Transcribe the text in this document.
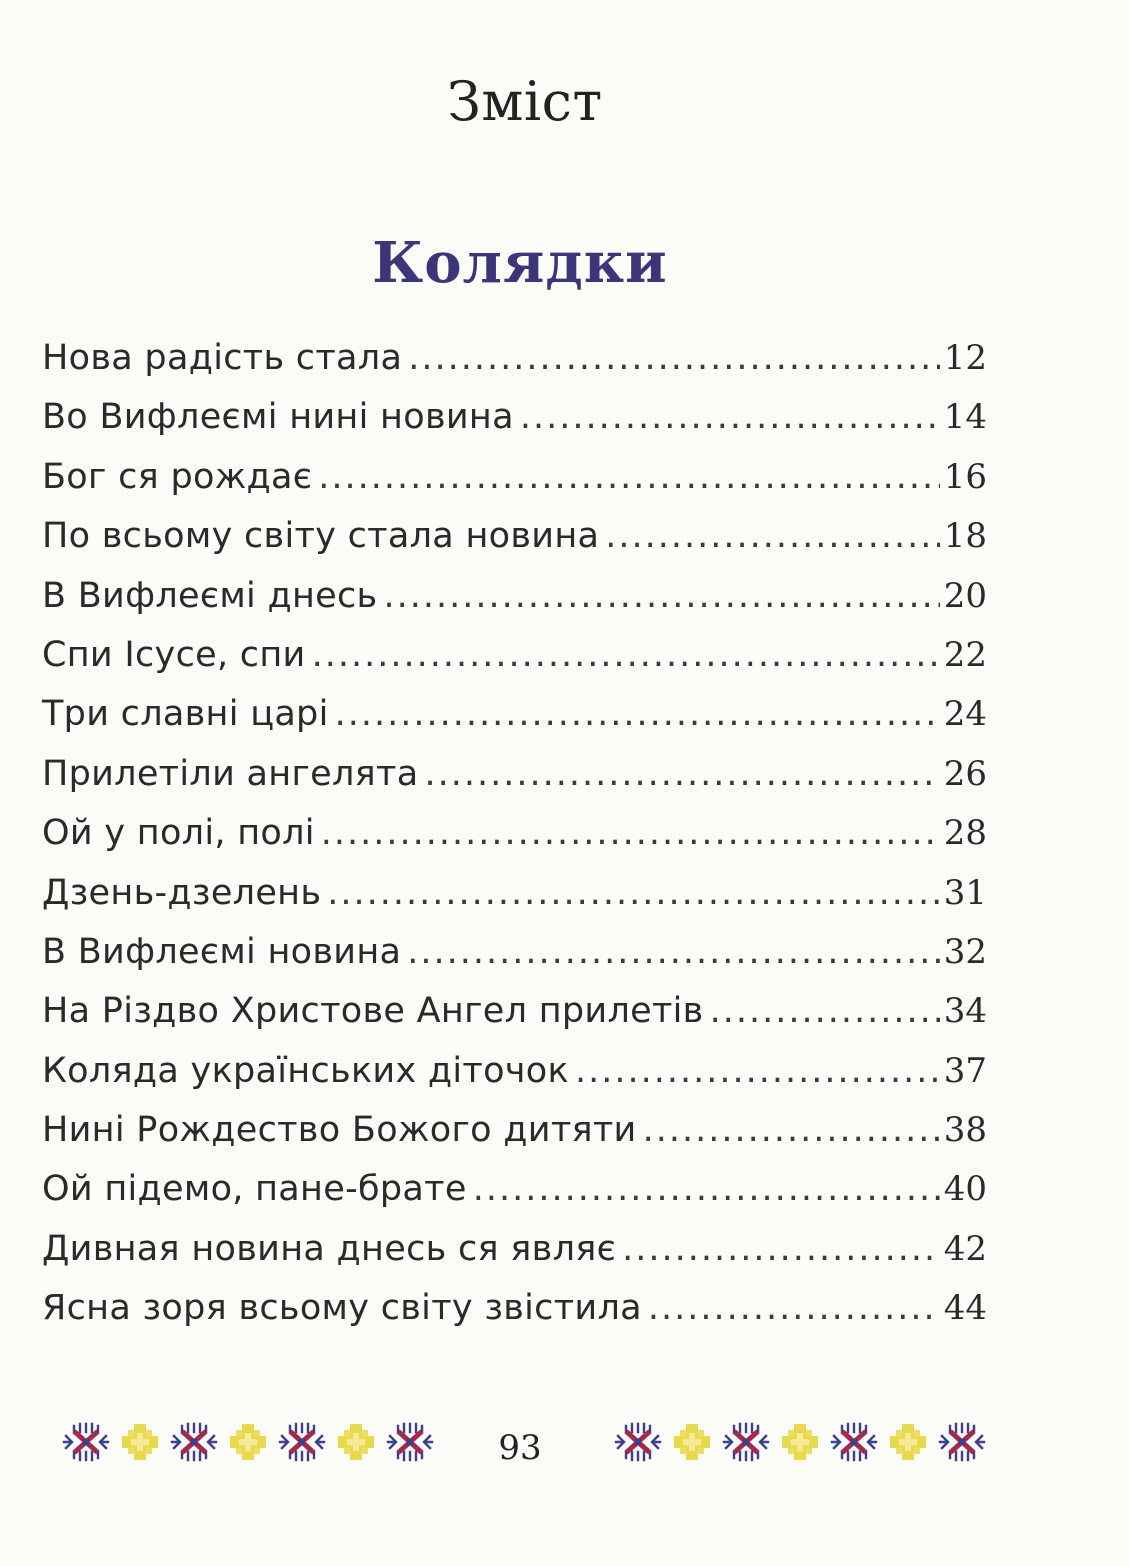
Зміст
Колядки
Нова радість стала .....	12
Во Вифлеємі нині новина .....	14
Бог ся рождає .....	16
По всьому світу стала новина .....	18
В Вифлеємі днесь .....	20
Спи Ісусе, спи .....	22
Три славні царі .....	24
Прилетіли ангелята .....	26
Ой у полі, полі .....	28
Дзень-дзелень .....	31
В Вифлеємі новина .....	32
На Різдво Христове Ангел прилетів .....	34
Коляда українських діточок .....	37
Нині Рождество Божого дитяти .....	38
Ой підемо, пане-брате .....	40
Дивная новина днесь ся являє .....	42
Ясна зоря всьому світу звістила .....	44

93
